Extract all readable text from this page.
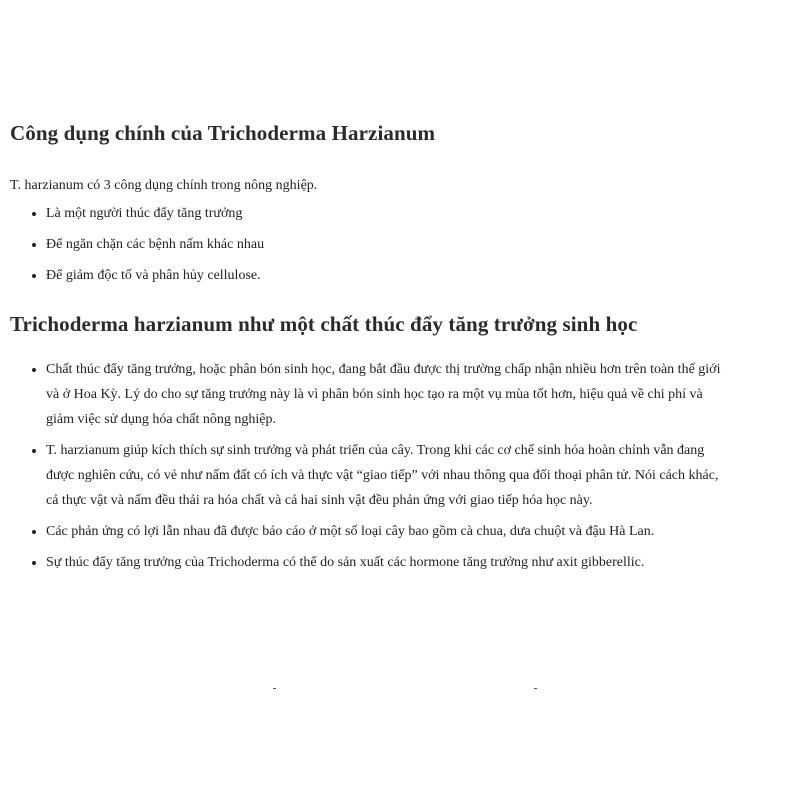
Công dụng chính của Trichoderma Harzianum

T. harzianum có 3 công dụng chính trong nông nghiệp.

• Là một người thúc đẩy tăng trưởng
• Để ngăn chặn các bệnh nấm khác nhau
• Để giảm độc tố và phân hủy cellulose.
Trichoderma harzianum như một chất thúc đẩy tăng trưởng sinh học
• Chất thúc đẩy tăng trưởng, hoặc phân bón sinh học, đang bắt đầu được thị trường chấp nhận nhiều hơn trên toàn thế giới và ở Hoa Kỳ. Lý do cho sự tăng trưởng này là vì phân bón sinh học tạo ra một vụ mùa tốt hơn, hiệu quả về chi phí và giảm việc sử dụng hóa chất nông nghiệp.
• T. harzianum giúp kích thích sự sinh trưởng và phát triển của cây. Trong khi các cơ chế sinh hóa hoàn chỉnh vẫn đang được nghiên cứu, có vẻ như nấm đất có ích và thực vật “giao tiếp” với nhau thông qua đối thoại phân tử. Nói cách khác, cả thực vật và nấm đều thải ra hóa chất và cả hai sinh vật đều phản ứng với giao tiếp hóa học này.
• Các phản ứng có lợi lẫn nhau đã được báo cáo ở một số loại cây bao gồm cà chua, dưa chuột và đậu Hà Lan.
• Sự thúc đẩy tăng trưởng của Trichoderma có thể do sản xuất các hormone tăng trưởng như axit gibberellic.
